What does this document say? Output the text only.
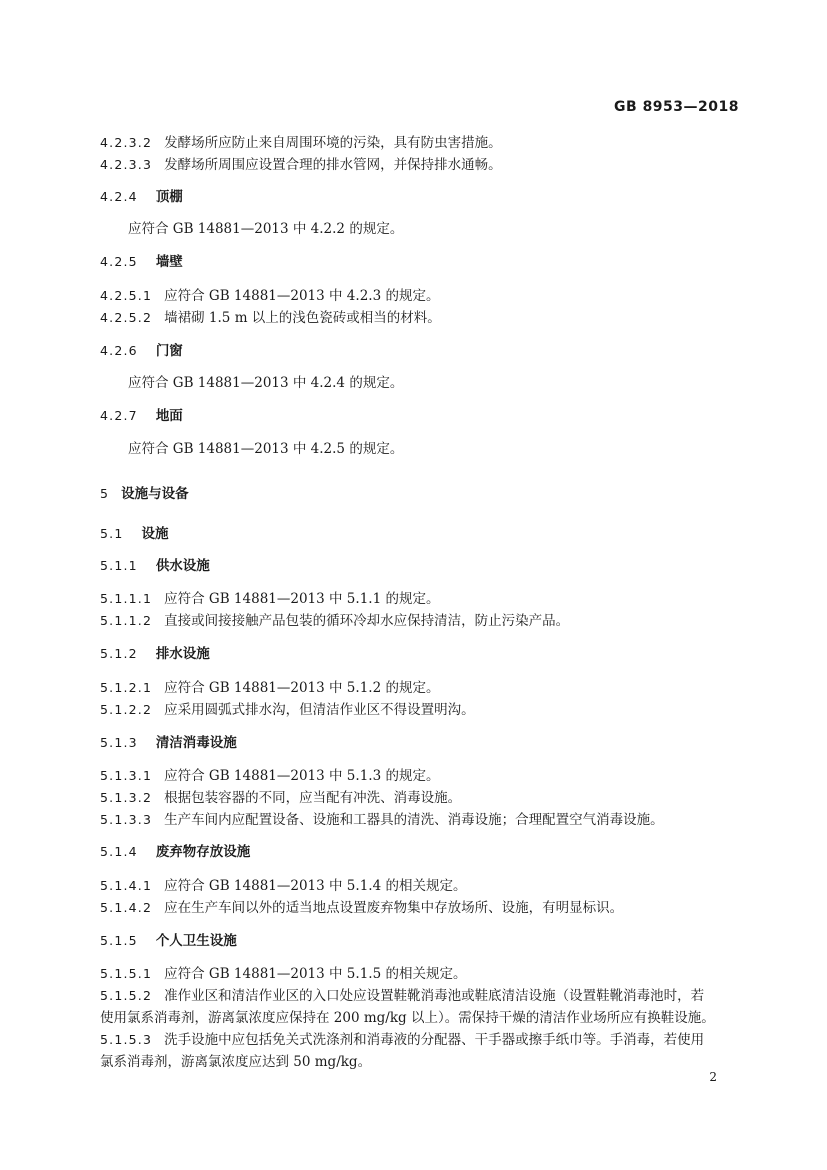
GB 8953—2018
4.2.3.2 发酵场所应防止来自周围环境的污染，具有防虫害措施。
4.2.3.3 发酵场所周围应设置合理的排水管网，并保持排水通畅。
4.2.4 顶棚
应符合 GB 14881—2013 中 4.2.2 的规定。
4.2.5 墙壁
4.2.5.1 应符合 GB 14881—2013 中 4.2.3 的规定。
4.2.5.2 墙裙砌 1.5 m 以上的浅色瓷砖或相当的材料。
4.2.6 门窗
应符合 GB 14881—2013 中 4.2.4 的规定。
4.2.7 地面
应符合 GB 14881—2013 中 4.2.5 的规定。
5 设施与设备
5.1 设施
5.1.1 供水设施
5.1.1.1 应符合 GB 14881—2013 中 5.1.1 的规定。
5.1.1.2 直接或间接接触产品包装的循环冷却水应保持清洁，防止污染产品。
5.1.2 排水设施
5.1.2.1 应符合 GB 14881—2013 中 5.1.2 的规定。
5.1.2.2 应采用圆弧式排水沟，但清洁作业区不得设置明沟。
5.1.3 清洁消毒设施
5.1.3.1 应符合 GB 14881—2013 中 5.1.3 的规定。
5.1.3.2 根据包装容器的不同，应当配有冲洗、消毒设施。
5.1.3.3 生产车间内应配置设备、设施和工器具的清洗、消毒设施；合理配置空气消毒设施。
5.1.4 废弃物存放设施
5.1.4.1 应符合 GB 14881—2013 中 5.1.4 的相关规定。
5.1.4.2 应在生产车间以外的适当地点设置废弃物集中存放场所、设施，有明显标识。
5.1.5 个人卫生设施
5.1.5.1 应符合 GB 14881—2013 中 5.1.5 的相关规定。
5.1.5.2 准作业区和清洁作业区的入口处应设置鞋靴消毒池或鞋底清洁设施（设置鞋靴消毒池时，若
使用氯系消毒剂，游离氯浓度应保持在 200 mg/kg 以上）。需保持干燥的清洁作业场所应有换鞋设施。
5.1.5.3 洗手设施中应包括免关式洗涤剂和消毒液的分配器、干手器或擦手纸巾等。手消毒，若使用
氯系消毒剂，游离氯浓度应达到 50 mg/kg。
2
